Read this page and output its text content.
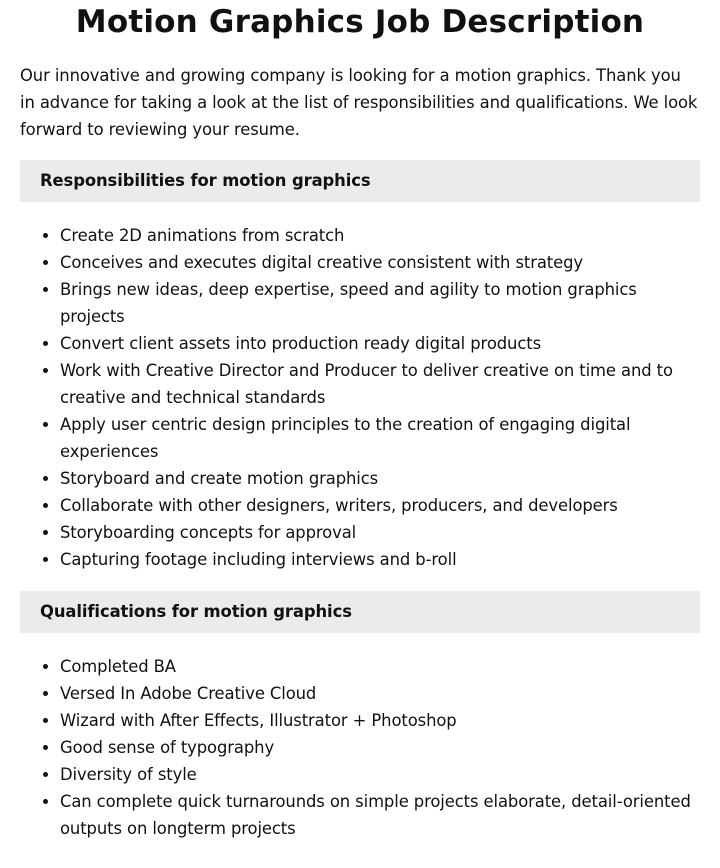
Motion Graphics Job Description

Our innovative and growing company is looking for a motion graphics. Thank you in advance for taking a look at the list of responsibilities and qualifications. We look forward to reviewing your resume.

Responsibilities for motion graphics
• Create 2D animations from scratch
• Conceives and executes digital creative consistent with strategy
• Brings new ideas, deep expertise, speed and agility to motion graphics projects
• Convert client assets into production ready digital products
• Work with Creative Director and Producer to deliver creative on time and to creative and technical standards
• Apply user centric design principles to the creation of engaging digital experiences
• Storyboard and create motion graphics
• Collaborate with other designers, writers, producers, and developers
• Storyboarding concepts for approval
• Capturing footage including interviews and b-roll
Qualifications for motion graphics
• Completed BA
• Versed In Adobe Creative Cloud
• Wizard with After Effects, Illustrator + Photoshop
• Good sense of typography
• Diversity of style
• Can complete quick turnarounds on simple projects elaborate, detail-oriented outputs on longterm projects
